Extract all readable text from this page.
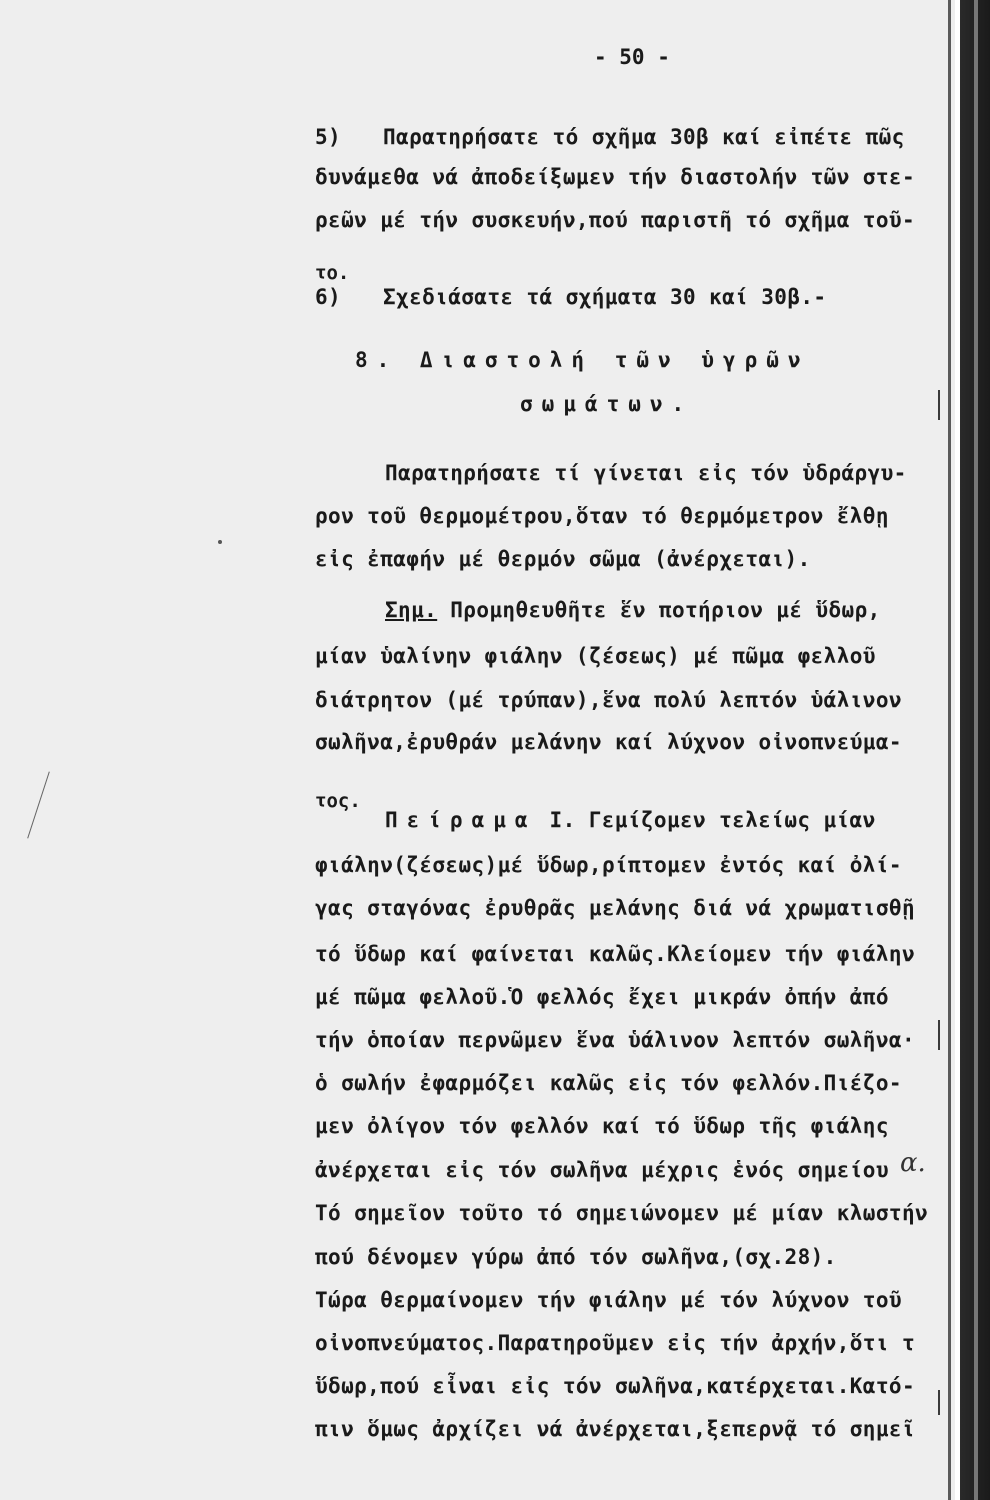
- 50 -
5) Παρατηρήσατε τό σχῆμα 30β καί εἰπέτε πῶς
δυνάμεθα νά ἀποδείξωμεν τήν διαστολήν τῶν στε-
ρεῶν μέ τήν συσκευήν,πού παριστῆ τό σχῆμα τοῦ-
το.
6) Σχεδιάσατε τά σχήματα 30 καί 30β.-
8. Διαστολή τῶν ὑγρῶν
σωμάτων.
Παρατηρήσατε τί γίνεται εἰς τόν ὑδράργυ-
ρον τοῦ θερμομέτρου,ὅταν τό θερμόμετρον ἔλθῃ
εἰς ἐπαφήν μέ θερμόν σῶμα (ἀνέρχεται).
Σημ. Προμηθευθῆτε ἕν ποτήριον μέ ὕδωρ,
μίαν ὑαλίνην φιάλην (ζέσεως) μέ πῶμα φελλοῦ
διάτρητον (μέ τρύπαν),ἕνα πολύ λεπτόν ὑάλινον
σωλῆνα,ἐρυθράν μελάνην καί λύχνον οἰνοπνεύμα-
τος.
Πείραμα Ι. Γεμίζομεν τελείως μίαν
φιάλην(ζέσεως)μέ ὕδωρ,ρίπτομεν ἐντός καί ὀλί-
γας σταγόνας ἐρυθρᾶς μελάνης διά νά χρωματισθῇ
τό ὕδωρ καί φαίνεται καλῶς.Κλείομεν τήν φιάλην
μέ πῶμα φελλοῦ.Ὁ φελλός ἔχει μικράν ὀπήν ἀπό
τήν ὁποίαν περνῶμεν ἕνα ὑάλινον λεπτόν σωλῆνα·
ὁ σωλήν ἐφαρμόζει καλῶς εἰς τόν φελλόν.Πιέζο-
μεν ὀλίγον τόν φελλόν καί τό ὕδωρ τῆς φιάλης
ἀνέρχεται εἰς τόν σωλῆνα μέχρις ἑνός σημείου α.
Τό σημεῖον τοῦτο τό σημειώνομεν μέ μίαν κλωστήν
πού δένομεν γύρω ἀπό τόν σωλῆνα,(σχ.28).
Τώρα θερμαίνομεν τήν φιάλην μέ τόν λύχνον τοῦ
οἰνοπνεύματος.Παρατηροῦμεν εἰς τήν ἀρχήν,ὅτι τ
ὕδωρ,πού εἶναι εἰς τόν σωλῆνα,κατέρχεται.Κατό-
πιν ὅμως ἀρχίζει νά ἀνέρχεται,ξεπερνᾷ τό σημεῖ
